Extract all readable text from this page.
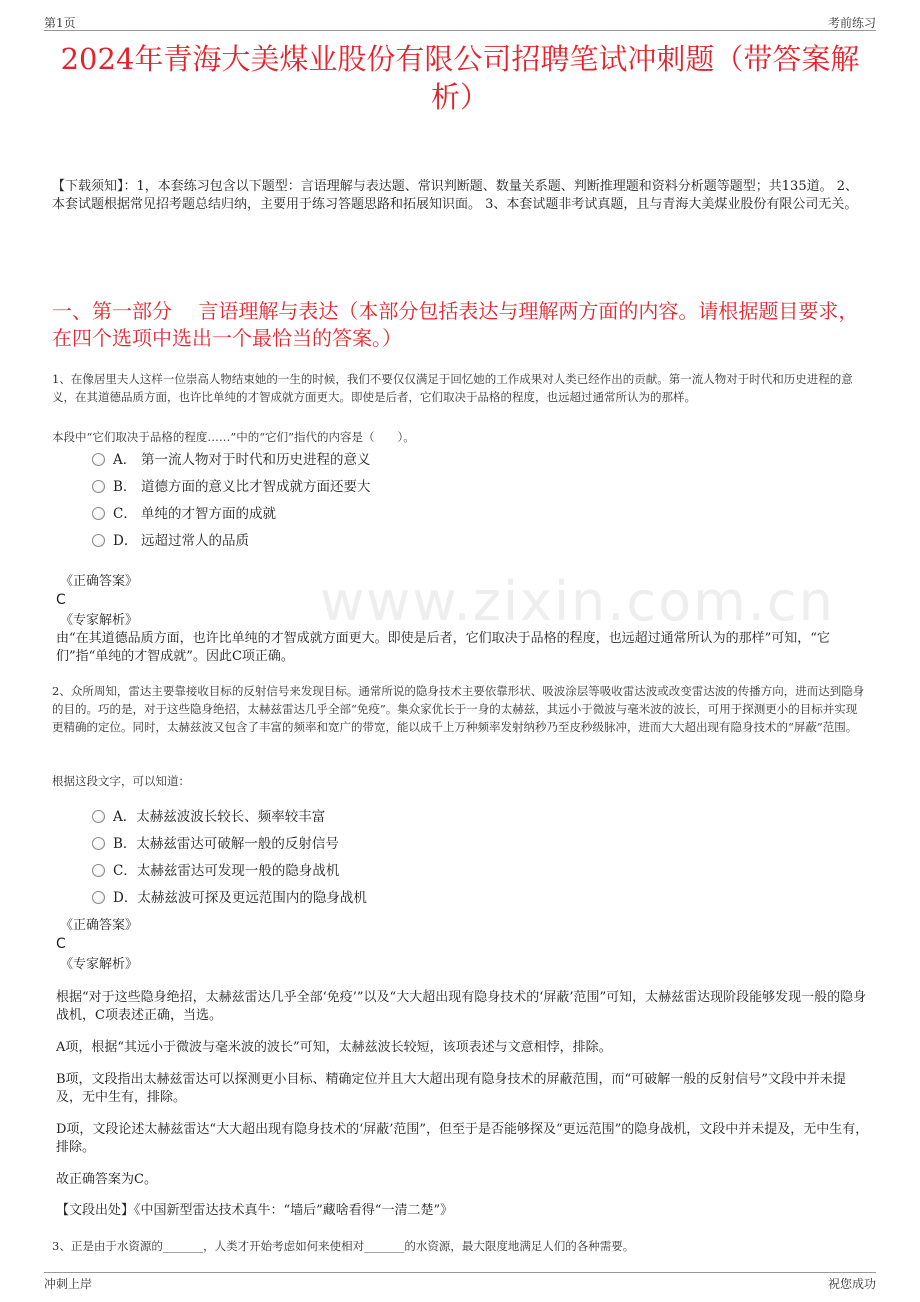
第1页	考前练习
www.zixin.com.cn
2024年青海大美煤业股份有限公司招聘笔试冲刺题（带答案解析）
【下载须知】：1，本套练习包含以下题型：言语理解与表达题、常识判断题、数量关系题、判断推理题和资料分析题等题型；共135道。 2、本套试题根据常见招考题总结归纳，主要用于练习答题思路和拓展知识面。 3、本套试题非考试真题，且与青海大美煤业股份有限公司无关。
一、第一部分　 言语理解与表达（本部分包括表达与理解两方面的内容。请根据题目要求，在四个选项中选出一个最恰当的答案。）
1、在像居里夫人这样一位崇高人物结束她的一生的时候，我们不要仅仅满足于回忆她的工作成果对人类已经作出的贡献。第一流人物对于时代和历史进程的意义，在其道德品质方面，也许比单纯的才智成就方面更大。即使是后者，它们取决于品格的程度，也远超过通常所认为的那样。
本段中“它们取决于品格的程度……”中的“它们”指代的内容是（　　）。
A． 第一流人物对于时代和历史进程的意义
B． 道德方面的意义比才智成就方面还要大
C． 单纯的才智方面的成就
D． 远超过常人的品质
《正确答案》
C
《专家解析》
由“在其道德品质方面，也许比单纯的才智成就方面更大。即使是后者，它们取决于品格的程度，也远超过通常所认为的那样”可知，“它们”指“单纯的才智成就”。因此C项正确。
2、众所周知，雷达主要靠接收目标的反射信号来发现目标。通常所说的隐身技术主要依靠形状、吸波涂层等吸收雷达波或改变雷达波的传播方向，进而达到隐身的目的。巧的是，对于这些隐身绝招，太赫兹雷达几乎全部“免疫”。集众家优长于一身的太赫兹，其远小于微波与毫米波的波长，可用于探测更小的目标并实现更精确的定位。同时，太赫兹波又包含了丰富的频率和宽广的带宽，能以成千上万种频率发射纳秒乃至皮秒级脉冲，进而大大超出现有隐身技术的“屏蔽”范围。
根据这段文字，可以知道：
A．太赫兹波波长较长、频率较丰富
B．太赫兹雷达可破解一般的反射信号
C．太赫兹雷达可发现一般的隐身战机
D．太赫兹波可探及更远范围内的隐身战机
《正确答案》
C
《专家解析》
根据“对于这些隐身绝招，太赫兹雷达几乎全部‘免疫’”以及“大大超出现有隐身技术的‘屏蔽’范围”可知，太赫兹雷达现阶段能够发现一般的隐身战机，C项表述正确，当选。
A项，根据“其远小于微波与毫米波的波长”可知，太赫兹波长较短，该项表述与文意相悖，排除。
B项，文段指出太赫兹雷达可以探测更小目标、精确定位并且大大超出现有隐身技术的屏蔽范围，而“可破解一般的反射信号”文段中并未提及，无中生有，排除。
D项，文段论述太赫兹雷达“大大超出现有隐身技术的‘屏蔽’范围”，但至于是否能够探及“更远范围”的隐身战机，文段中并未提及，无中生有，排除。
故正确答案为C。
【文段出处】《中国新型雷达技术真牛：“墙后”藏啥看得“一清二楚”》
3、正是由于水资源的_______，人类才开始考虑如何来使相对_______的水资源，最大限度地满足人们的各种需要。
冲刺上岸	祝您成功
